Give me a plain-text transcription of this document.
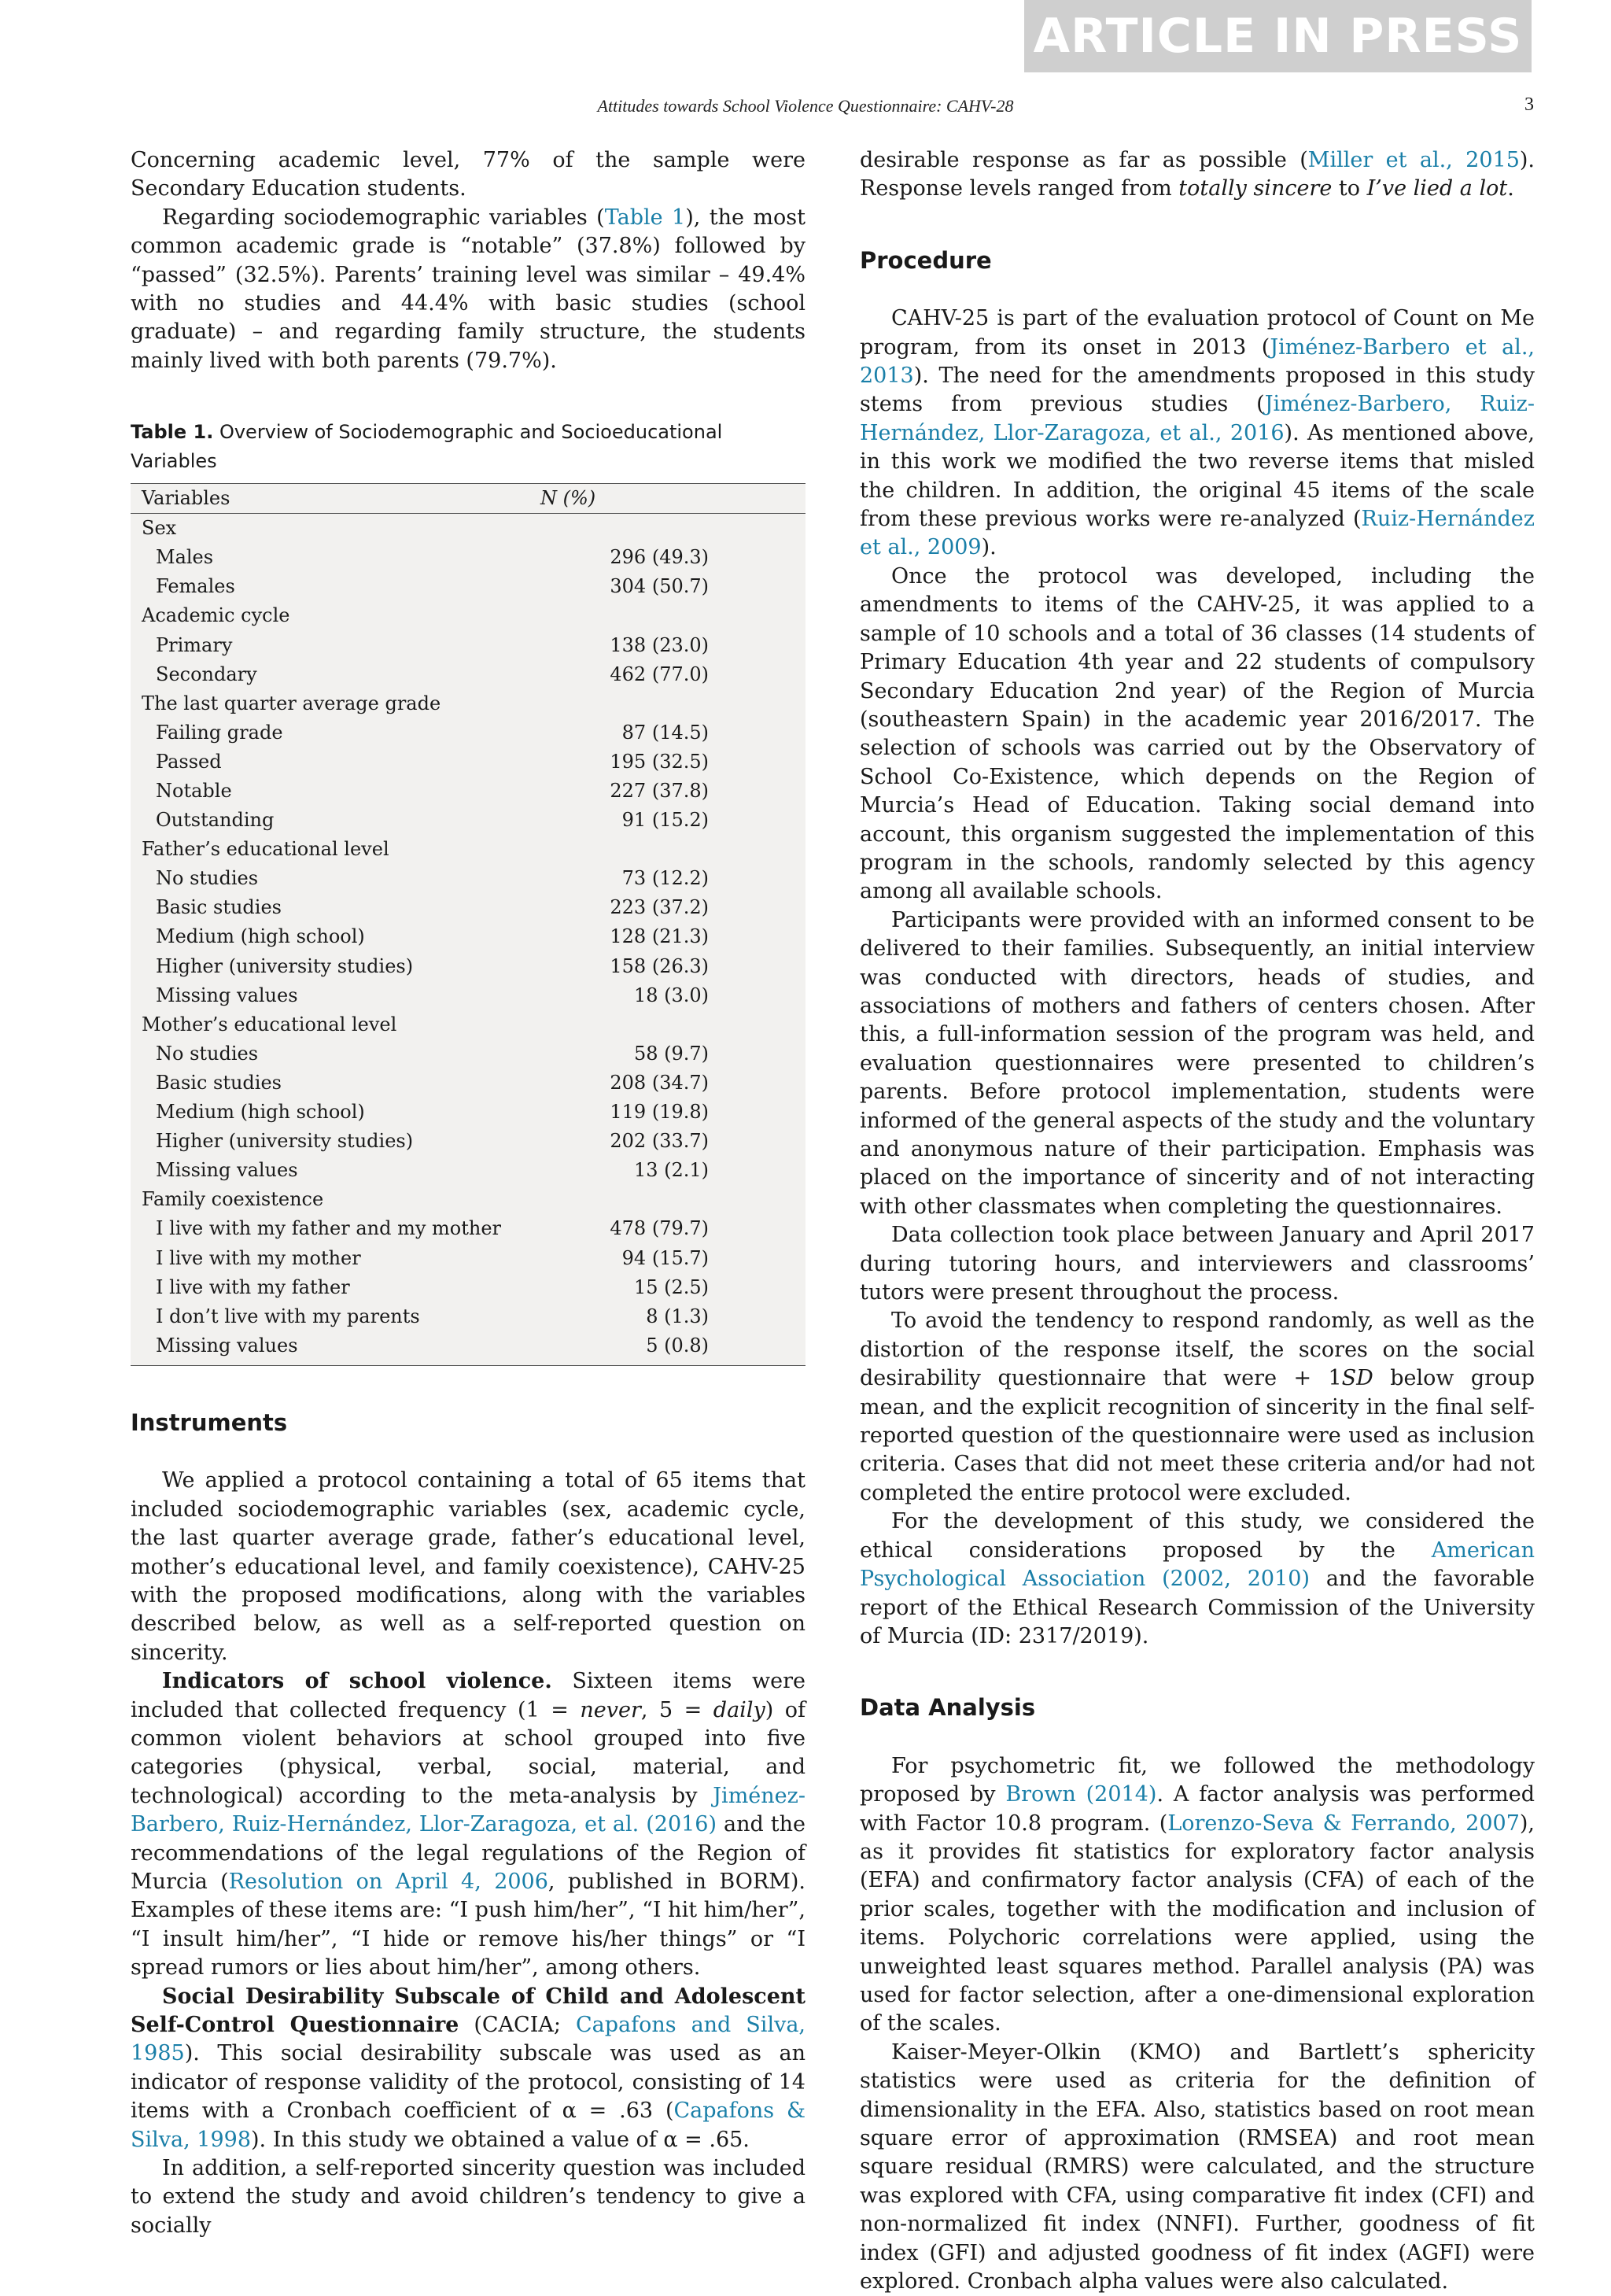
ARTICLE IN PRESS
Attitudes towards School Violence Questionnaire: CAHV-28	3

Concerning academic level, 77% of the sample were Secondary Education students.

Regarding sociodemographic variables (Table 1), the most common academic grade is “notable” (37.8%) followed by “passed” (32.5%). Parents’ training level was similar – 49.4% with no studies and 44.4% with basic studies (school graduate) – and regarding family structure, the students mainly lived with both parents (79.7%).

Table 1. Overview of Sociodemographic and Socioeducational Variables
Variables	N (%)
Sex	
Males	296 (49.3)
Females	304 (50.7)
Academic cycle	
Primary	138 (23.0)
Secondary	462 (77.0)
The last quarter average grade	
Failing grade	87 (14.5)
Passed	195 (32.5)
Notable	227 (37.8)
Outstanding	91 (15.2)
Father’s educational level	
No studies	73 (12.2)
Basic studies	223 (37.2)
Medium (high school)	128 (21.3)
Higher (university studies)	158 (26.3)
Missing values	18 (3.0)
Mother’s educational level	
No studies	58 (9.7)
Basic studies	208 (34.7)
Medium (high school)	119 (19.8)
Higher (university studies)	202 (33.7)
Missing values	13 (2.1)
Family coexistence	
I live with my father and my mother	478 (79.7)
I live with my mother	94 (15.7)
I live with my father	15 (2.5)
I don’t live with my parents	8 (1.3)
Missing values	5 (0.8)
Instruments

We applied a protocol containing a total of 65 items that included sociodemographic variables (sex, academic cycle, the last quarter average grade, father’s educational level, mother’s educational level, and family coexistence), CAHV-25 with the proposed modifications, along with the variables described below, as well as a self-reported question on sincerity.

Indicators of school violence. Sixteen items were included that collected frequency (1 = never, 5 = daily) of common violent behaviors at school grouped into five categories (physical, verbal, social, material, and technological) according to the meta-analysis by Jiménez-Barbero, Ruiz-Hernández, Llor-Zaragoza, et al. (2016) and the recommendations of the legal regulations of the Region of Murcia (Resolution on April 4, 2006, published in BORM). Examples of these items are: “I push him/her”, “I hit him/her”, “I insult him/her”, “I hide or remove his/her things” or “I spread rumors or lies about him/her”, among others.

Social Desirability Subscale of Child and Adolescent Self-Control Questionnaire (CACIA; Capafons and Silva, 1985). This social desirability subscale was used as an indicator of response validity of the protocol, consisting of 14 items with a Cronbach coefficient of α = .63 (Capafons & Silva, 1998). In this study we obtained a value of α = .65.

In addition, a self-reported sincerity question was included to extend the study and avoid children’s tendency to give a socially

desirable response as far as possible (Miller et al., 2015). Response levels ranged from totally sincere to I’ve lied a lot.

Procedure

CAHV-25 is part of the evaluation protocol of Count on Me program, from its onset in 2013 (Jiménez-Barbero et al., 2013). The need for the amendments proposed in this study stems from previous studies (Jiménez-Barbero, Ruiz-Hernández, Llor-Zaragoza, et al., 2016). As mentioned above, in this work we modified the two reverse items that misled the children. In addition, the original 45 items of the scale from these previous works were re-analyzed (Ruiz-Hernández et al., 2009).

Once the protocol was developed, including the amendments to items of the CAHV-25, it was applied to a sample of 10 schools and a total of 36 classes (14 students of Primary Education 4th year and 22 students of compulsory Secondary Education 2nd year) of the Region of Murcia (southeastern Spain) in the academic year 2016/2017. The selection of schools was carried out by the Observatory of School Co-Existence, which depends on the Region of Murcia’s Head of Education. Taking social demand into account, this organism suggested the implementation of this program in the schools, randomly selected by this agency among all available schools.

Participants were provided with an informed consent to be delivered to their families. Subsequently, an initial interview was conducted with directors, heads of studies, and associations of mothers and fathers of centers chosen. After this, a full-information session of the program was held, and evaluation questionnaires were presented to children’s parents. Before protocol implementation, students were informed of the general aspects of the study and the voluntary and anonymous nature of their participation. Emphasis was placed on the importance of sincerity and of not interacting with other classmates when completing the questionnaires.

Data collection took place between January and April 2017 during tutoring hours, and interviewers and classrooms’ tutors were present throughout the process.

To avoid the tendency to respond randomly, as well as the distortion of the response itself, the scores on the social desirability questionnaire that were + 1SD below group mean, and the explicit recognition of sincerity in the final self-reported question of the questionnaire were used as inclusion criteria. Cases that did not meet these criteria and/or had not completed the entire protocol were excluded.

For the development of this study, we considered the ethical considerations proposed by the American Psychological Association (2002, 2010) and the favorable report of the Ethical Research Commission of the University of Murcia (ID: 2317/2019).

Data Analysis

For psychometric fit, we followed the methodology proposed by Brown (2014). A factor analysis was performed with Factor 10.8 program. (Lorenzo-Seva & Ferrando, 2007), as it provides fit statistics for exploratory factor analysis (EFA) and confirmatory factor analysis (CFA) of each of the prior scales, together with the modification and inclusion of items. Polychoric correlations were applied, using the unweighted least squares method. Parallel analysis (PA) was used for factor selection, after a one-dimensional exploration of the scales.

Kaiser-Meyer-Olkin (KMO) and Bartlett’s sphericity statistics were used as criteria for the definition of dimensionality in the EFA. Also, statistics based on root mean square error of approximation (RMSEA) and root mean square residual (RMRS) were calculated, and the structure was explored with CFA, using comparative fit index (CFI) and non-normalized fit index (NNFI). Further, goodness of fit index (GFI) and adjusted goodness of fit index (AGFI) were explored. Cronbach alpha values were also calculated.
